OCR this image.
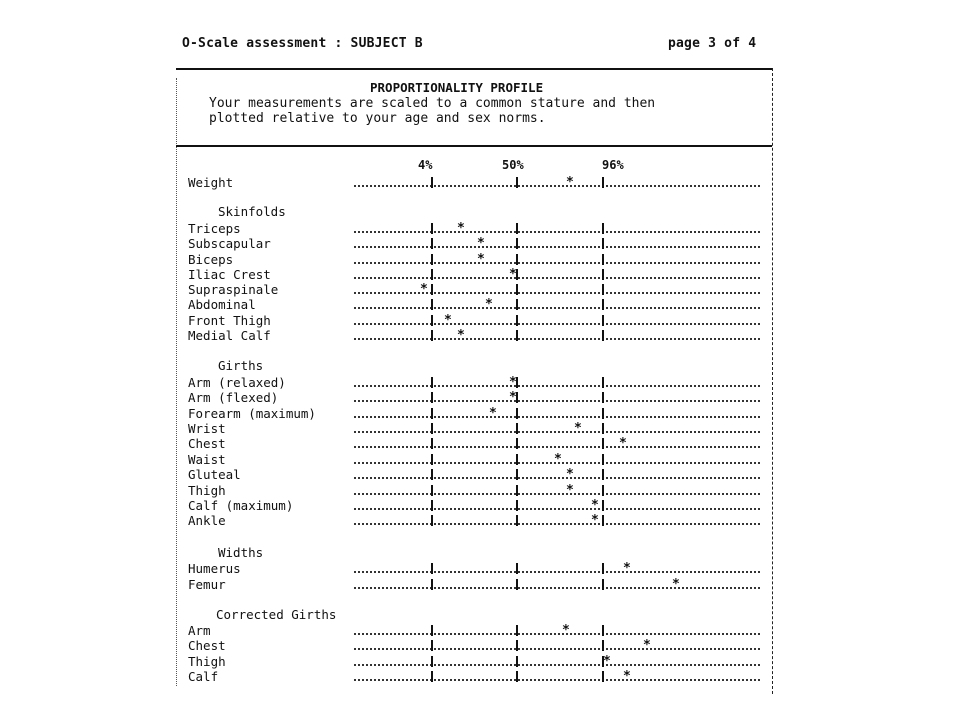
O-Scale assessment : SUBJECT B	page 3 of 4
PROPORTIONALITY PROFILE
Your measurements are scaled to a common stature and then
plotted relative to your age and sex norms.
4%	50%	96%
Skinfolds
Girths
Widths
Corrected Girths
Weight	*
Triceps	*
Subscapular	*
Biceps	*
Iliac Crest	*
Supraspinale	*
Abdominal	*
Front Thigh	*
Medial Calf	*
Arm (relaxed)	*
Arm (flexed)	*
Forearm (maximum)	*
Wrist	*
Chest	*
Waist	*
Gluteal	*
Thigh	*
Calf (maximum)	*
Ankle	*
Humerus	*
Femur	*
Arm	*
Chest	*
Thigh	*
Calf	*
